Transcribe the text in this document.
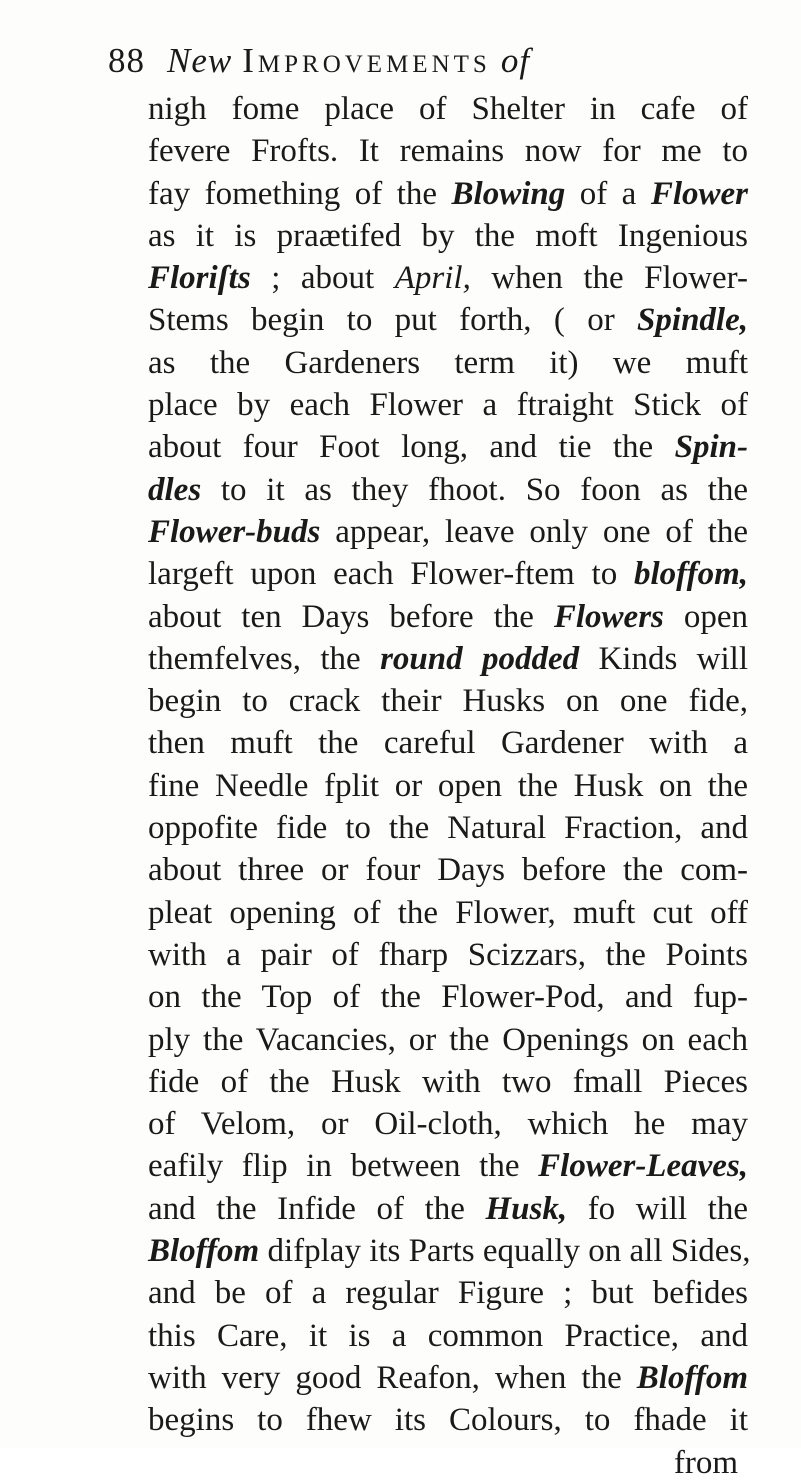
88 New Improvements of
nigh fome place of Shelter in cafe of
fevere Frofts. It remains now for me to
fay fomething of the Blowing of a Flower
as it is praætifed by the moft Ingenious
Floriſts ; about April, when the Flower-
Stems begin to put forth, ( or Spindle,
as the Gardeners term it) we muft
place by each Flower a ftraight Stick of
about four Foot long, and tie the Spin-
dles to it as they fhoot. So foon as the
Flower-buds appear, leave only one of the
largeft upon each Flower-ftem to bloffom,
about ten Days before the Flowers open
themfelves, the round podded Kinds will
begin to crack their Husks on one fide,
then muft the careful Gardener with a
fine Needle fplit or open the Husk on the
oppofite fide to the Natural Fraction, and
about three or four Days before the com-
pleat opening of the Flower, muft cut off
with a pair of fharp Scizzars, the Points
on the Top of the Flower-Pod, and fup-
ply the Vacancies, or the Openings on each
fide of the Husk with two fmall Pieces
of Velom, or Oil-cloth, which he may
eafily flip in between the Flower-Leaves,
and the Infide of the Husk, fo will the
Bloffom difplay its Parts equally on all Sides,
and be of a regular Figure ; but befides
this Care, it is a common Practice, and
with very good Reafon, when the Bloffom
begins to fhew its Colours, to fhade it
from
